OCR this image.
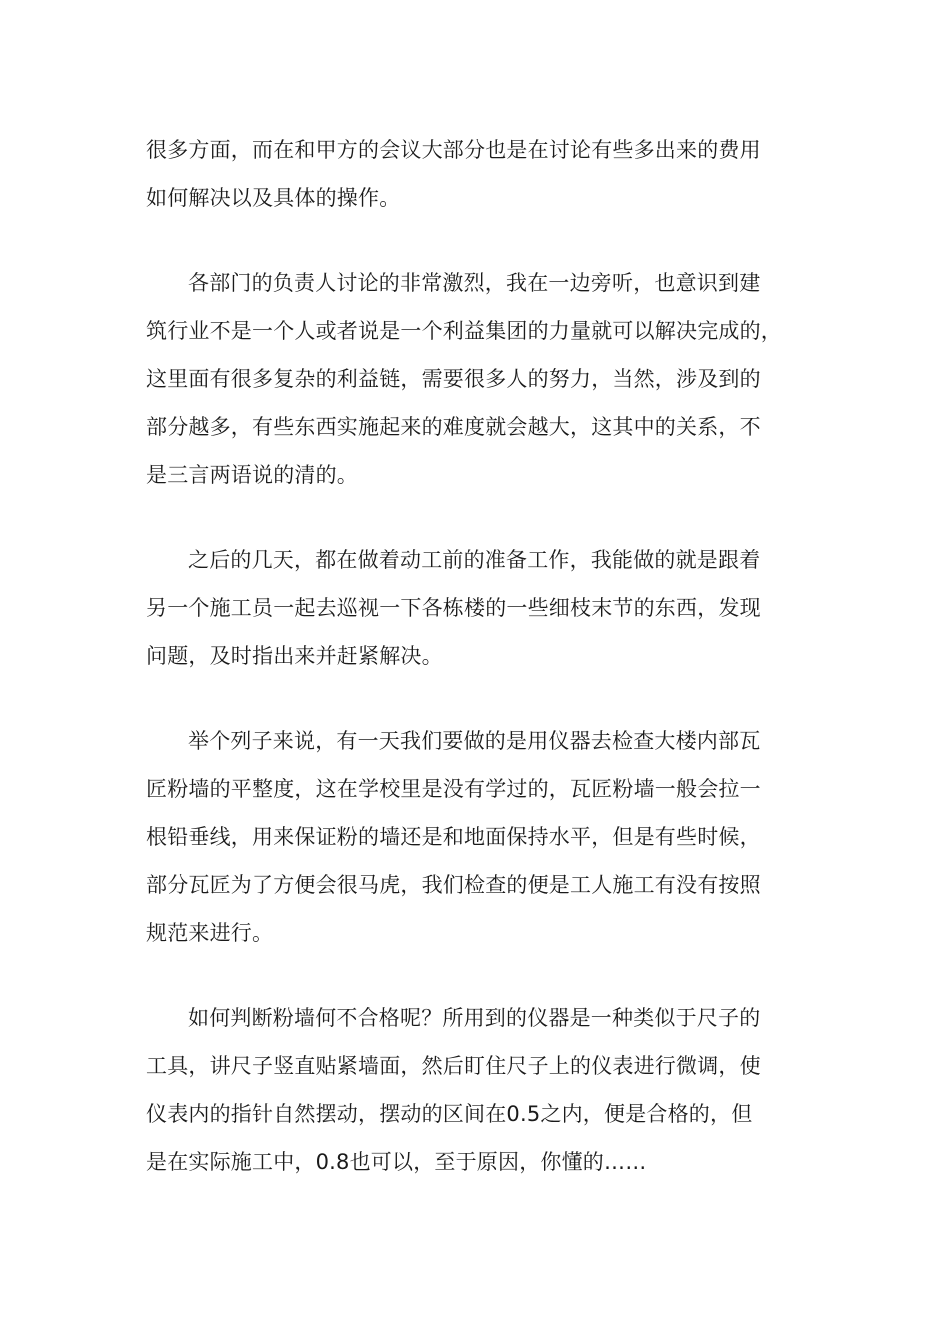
很多方面，而在和甲方的会议大部分也是在讨论有些多出来的费用
如何解决以及具体的操作。
各部门的负责人讨论的非常激烈，我在一边旁听，也意识到建
筑行业不是一个人或者说是一个利益集团的力量就可以解决完成的，
这里面有很多复杂的利益链，需要很多人的努力，当然，涉及到的
部分越多，有些东西实施起来的难度就会越大，这其中的关系，不
是三言两语说的清的。
之后的几天，都在做着动工前的准备工作，我能做的就是跟着
另一个施工员一起去巡视一下各栋楼的一些细枝末节的东西，发现
问题，及时指出来并赶紧解决。
举个列子来说，有一天我们要做的是用仪器去检查大楼内部瓦
匠粉墙的平整度，这在学校里是没有学过的，瓦匠粉墙一般会拉一
根铅垂线，用来保证粉的墙还是和地面保持水平，但是有些时候，
部分瓦匠为了方便会很马虎，我们检查的便是工人施工有没有按照
规范来进行。
如何判断粉墙何不合格呢？所用到的仪器是一种类似于尺子的
工具，讲尺子竖直贴紧墙面，然后盯住尺子上的仪表进行微调，使
仪表内的指针自然摆动，摆动的区间在0.5之内，便是合格的，但
是在实际施工中，0.8也可以，至于原因，你懂的……
